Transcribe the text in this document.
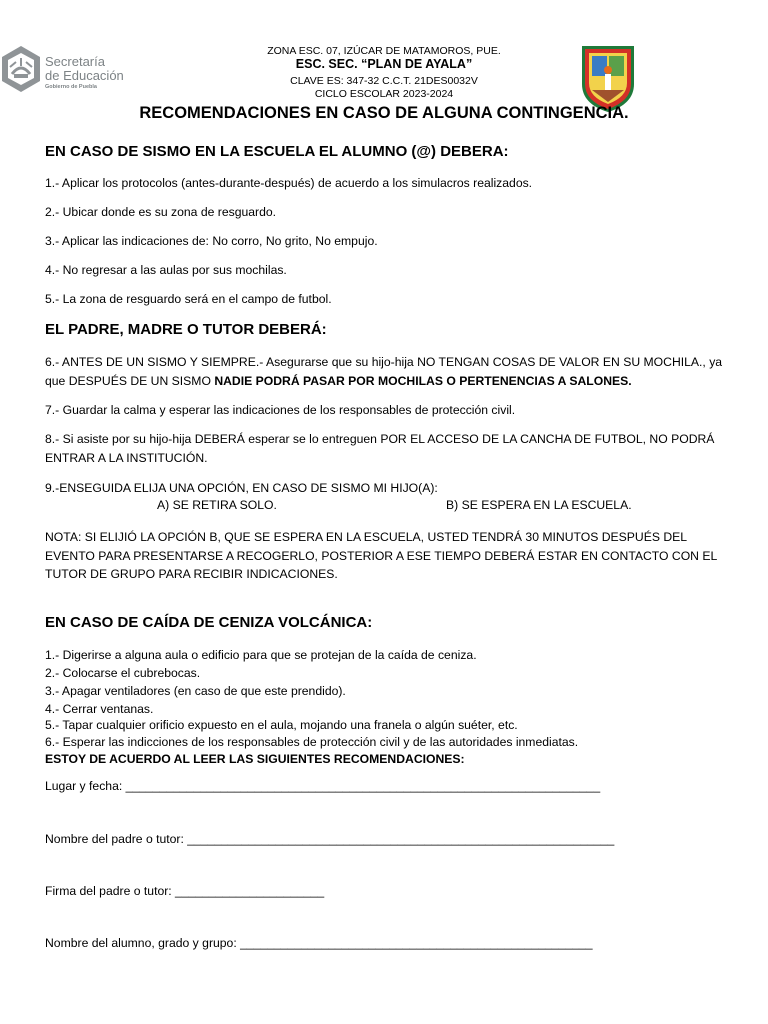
Secretaría
de Educación
Gobierno de Puebla
ZONA ESC. 07, IZÚCAR DE MATAMOROS, PUE.
ESC. SEC. “PLAN DE AYALA”
CLAVE ES: 347-32 C.C.T. 21DES0032V
CICLO ESCOLAR 2023-2024
RECOMENDACIONES EN CASO DE ALGUNA CONTINGENCIA.
EN CASO DE SISMO EN LA ESCUELA EL ALUMNO (@) DEBERA:
1.- Aplicar los protocolos (antes-durante-después) de acuerdo a los simulacros realizados.
2.- Ubicar donde es su zona de resguardo.
3.- Aplicar las indicaciones de: No corro, No grito, No empujo.
4.- No regresar a las aulas por sus mochilas.
5.- La zona de resguardo será en el campo de futbol.
EL PADRE, MADRE O TUTOR DEBERÁ:
6.- ANTES DE UN SISMO Y SIEMPRE.- Asegurarse que su hijo-hija NO TENGAN COSAS DE VALOR EN SU MOCHILA., ya que DESPUÉS DE UN SISMO NADIE PODRÁ PASAR POR MOCHILAS O PERTENENCIAS A SALONES.
7.- Guardar la calma y esperar las indicaciones de los responsables de protección civil.
8.- Si asiste por su hijo-hija DEBERÁ esperar se lo entreguen POR EL ACCESO DE LA CANCHA DE FUTBOL, NO PODRÁ ENTRAR A LA INSTITUCIÓN.
9.-ENSEGUIDA ELIJA UNA OPCIÓN, EN CASO DE SISMO MI HIJO(A):
A) SE RETIRA SOLO.	B) SE ESPERA EN LA ESCUELA.
NOTA: SI ELIJIÓ LA OPCIÓN B, QUE SE ESPERA EN LA ESCUELA, USTED TENDRÁ 30 MINUTOS DESPUÉS DEL EVENTO PARA PRESENTARSE A RECOGERLO, POSTERIOR A ESE TIEMPO DEBERÁ ESTAR EN CONTACTO CON EL TUTOR DE GRUPO PARA RECIBIR INDICACIONES.
EN CASO DE CAÍDA DE CENIZA VOLCÁNICA:
1.- Digerirse a alguna aula o edificio para que se protejan de la caída de ceniza.
2.- Colocarse el cubrebocas.
3.- Apagar ventiladores (en caso de que este prendido).
4.- Cerrar ventanas.
5.- Tapar cualquier orificio expuesto en el aula, mojando una franela o algún suéter, etc.
6.- Esperar las indicciones de los responsables de protección civil y de las autoridades inmediatas.
ESTOY DE ACUERDO AL LEER LAS SIGUIENTES RECOMENDACIONES:
Lugar y fecha: ______________________________________________________________________
Nombre del padre o tutor: _______________________________________________________________
Firma del padre o tutor: ______________________
Nombre del alumno, grado y grupo: ____________________________________________________
